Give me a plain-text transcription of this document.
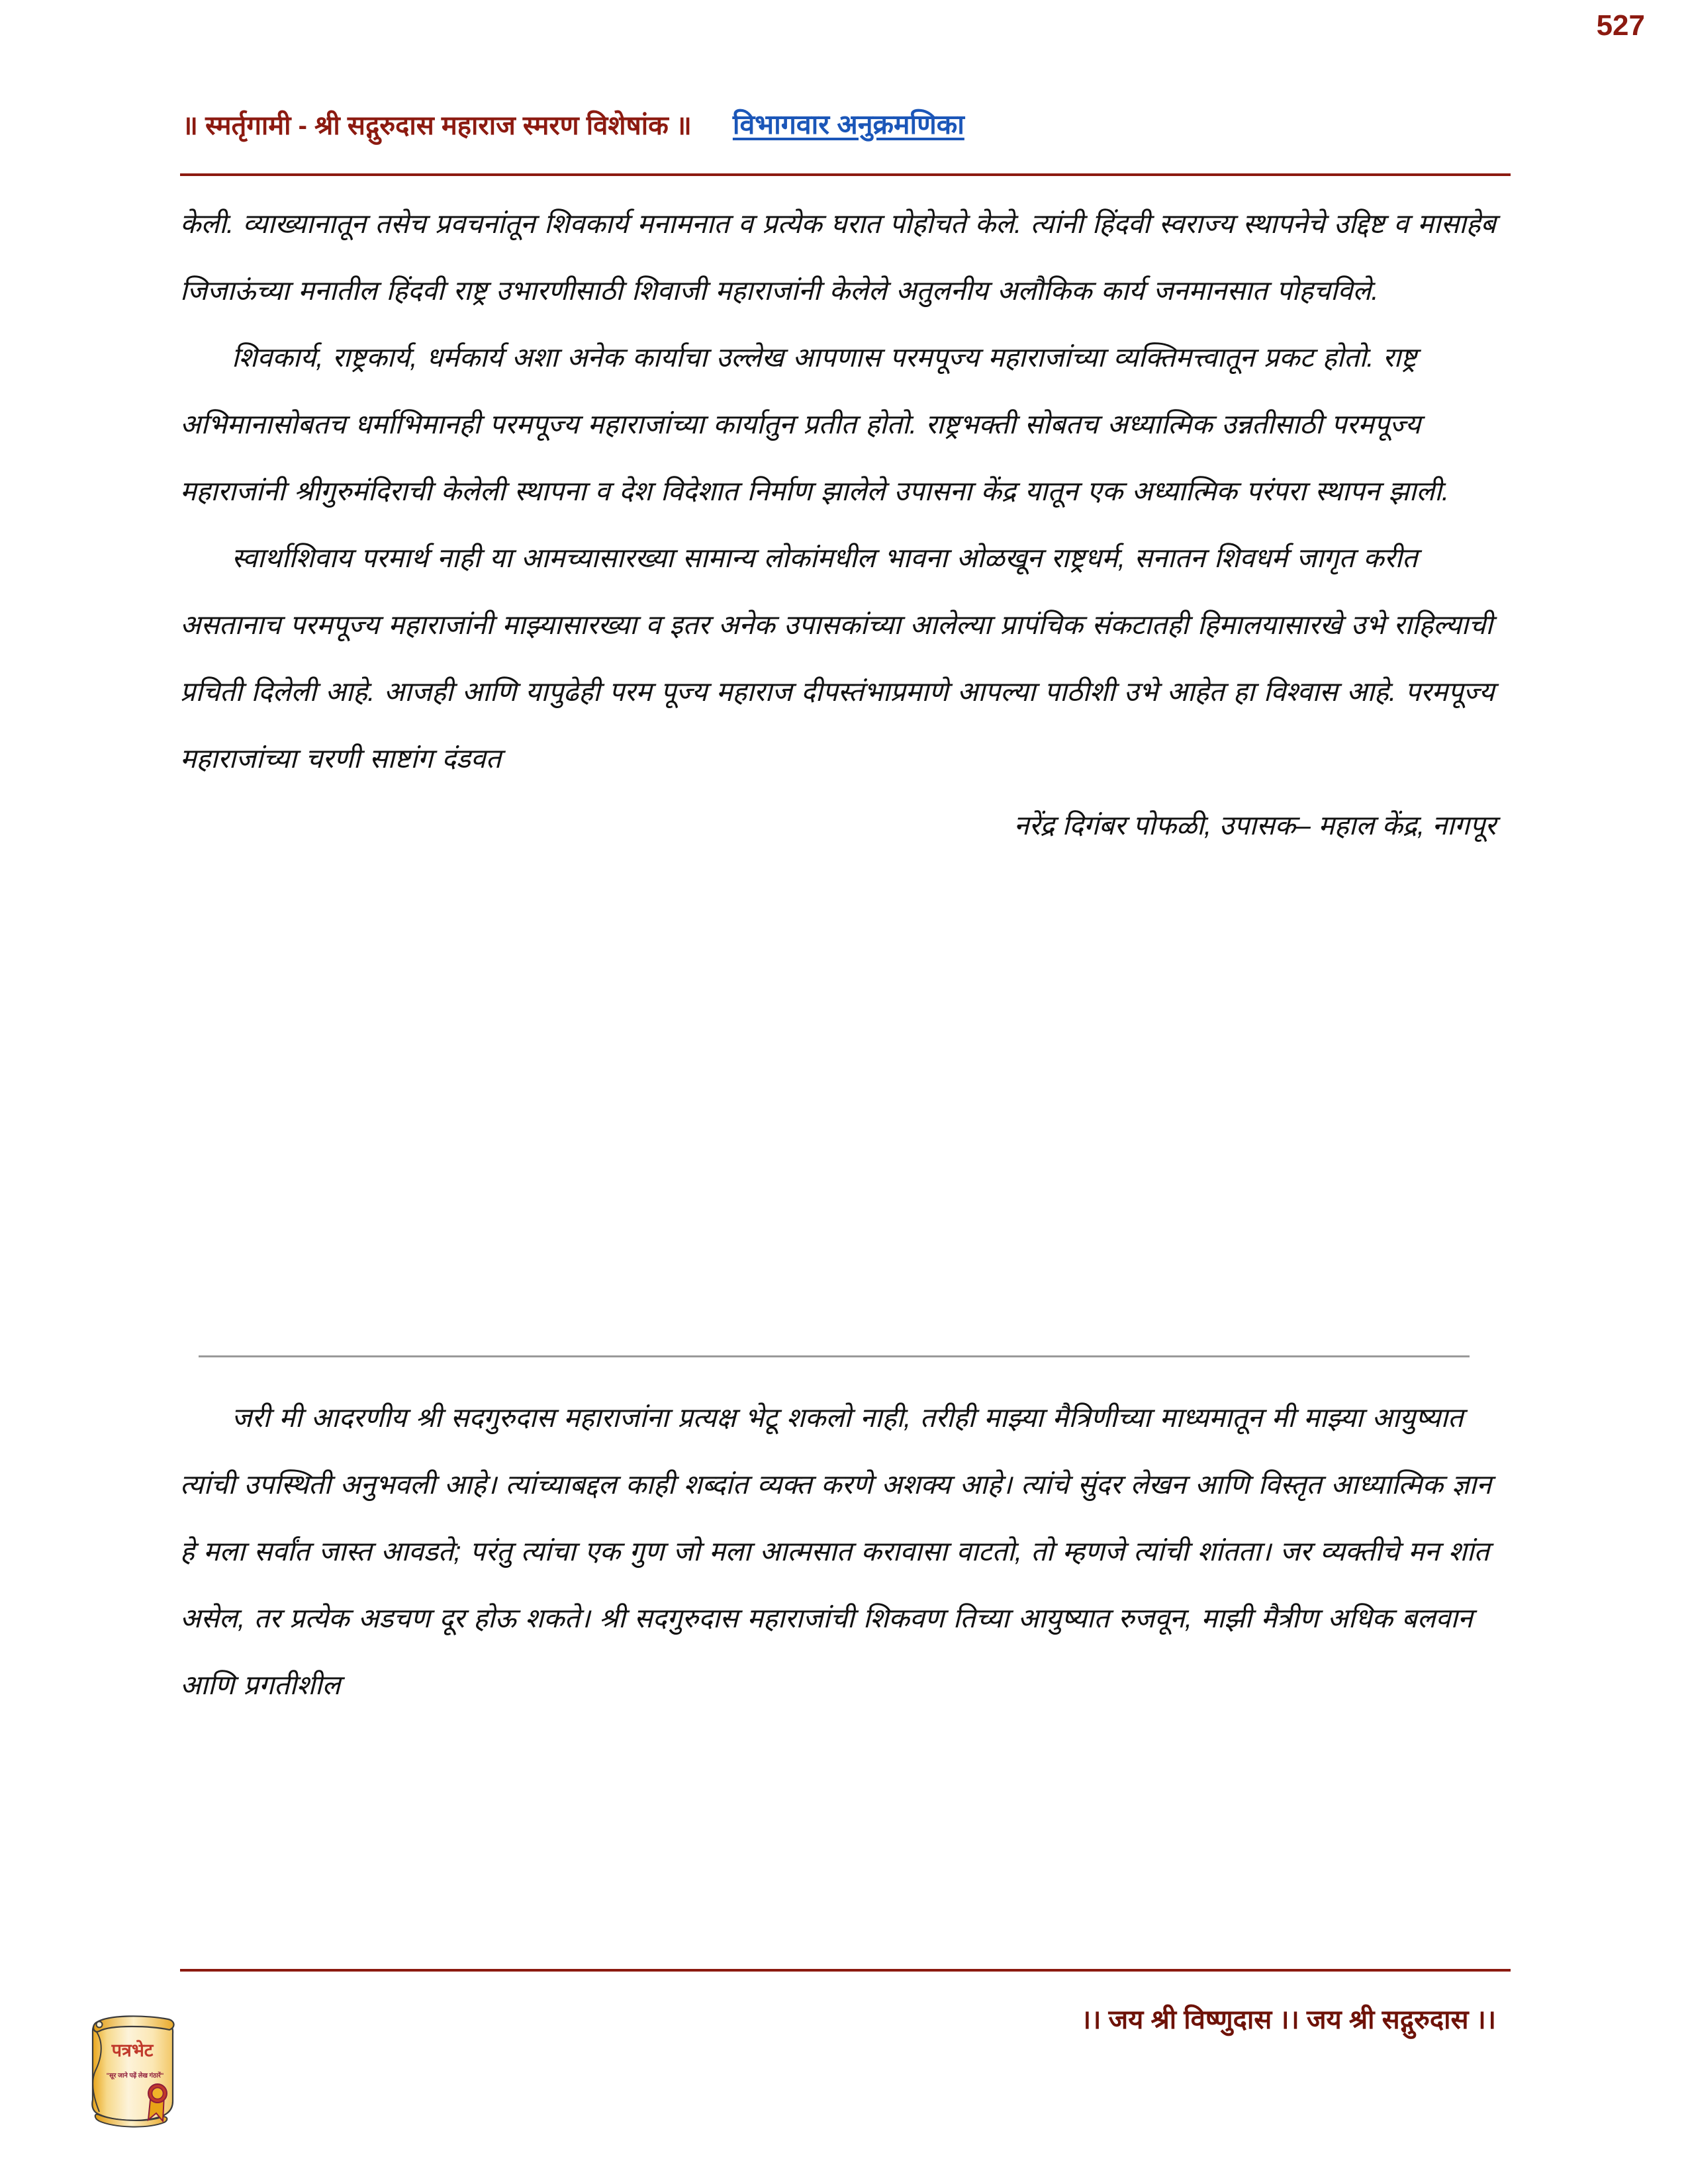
॥ स्मर्तृगामी - श्री सद्गुरुदास महाराज स्मरण विशेषांक ॥ विभागवार अनुक्रमणिका
527

केली. व्याख्यानातून तसेच प्रवचनांतून शिवकार्य मनामनात व प्रत्येक घरात पोहोचते केले. त्यांनी हिंदवी स्वराज्य स्थापनेचे उद्दिष्ट व मासाहेब जिजाऊंच्या मनातील हिंदवी राष्ट्र उभारणीसाठी शिवाजी महाराजांनी केलेले अतुलनीय अलौकिक कार्य जनमानसात पोहचविले.

शिवकार्य, राष्ट्रकार्य, धर्मकार्य अशा अनेक कार्याचा उल्लेख आपणास परमपूज्य महाराजांच्या व्यक्तिमत्त्वातून प्रकट होतो. राष्ट्र अभिमानासोबतच धर्माभिमानही परमपूज्य महाराजांच्या कार्यातुन प्रतीत होतो. राष्ट्रभक्ती सोबतच अध्यात्मिक उन्नतीसाठी परमपूज्य महाराजांनी श्रीगुरुमंदिराची केलेली स्थापना व देश विदेशात निर्माण झालेले उपासना केंद्र यातून एक अध्यात्मिक परंपरा स्थापन झाली.

स्वार्थाशिवाय परमार्थ नाही या आमच्यासारख्या सामान्य लोकांमधील भावना ओळखून राष्ट्रधर्म, सनातन शिवधर्म जागृत करीत असतानाच परमपूज्य महाराजांनी माझ्यासारख्या व इतर अनेक उपासकांच्या आलेल्या प्रापंचिक संकटातही हिमालयासारखे उभे राहिल्याची प्रचिती दिलेली आहे. आजही आणि यापुढेही परम पूज्य महाराज दीपस्तंभाप्रमाणे आपल्या पाठीशी उभे आहेत हा विश्वास आहे. परमपूज्य महाराजांच्या चरणी साष्टांग दंडवत

नरेंद्र दिगंबर पोफळी, उपासक– महाल केंद्र, नागपूर

जरी मी आदरणीय श्री सदगुरुदास महाराजांना प्रत्यक्ष भेटू शकलो नाही, तरीही माझ्या मैत्रिणीच्या माध्यमातून मी माझ्या आयुष्यात त्यांची उपस्थिती अनुभवली आहे। त्यांच्याबद्दल काही शब्दांत व्यक्त करणे अशक्य आहे। त्यांचे सुंदर लेखन आणि विस्तृत आध्यात्मिक ज्ञान हे मला सर्वांत जास्त आवडते; परंतु त्यांचा एक गुण जो मला आत्मसात करावासा वाटतो, तो म्हणजे त्यांची शांतता। जर व्यक्तीचे मन शांत असेल, तर प्रत्येक अडचण दूर होऊ शकते। श्री सदगुरुदास महाराजांची शिकवण तिच्या आयुष्यात रुजवून, माझी मैत्रीण अधिक बलवान आणि प्रगतीशील

पत्रभेट
"सूर जाने पढ़ें लेख गंठारें"
।। जय श्री विष्णुदास ।। जय श्री सद्गुरुदास ।।
